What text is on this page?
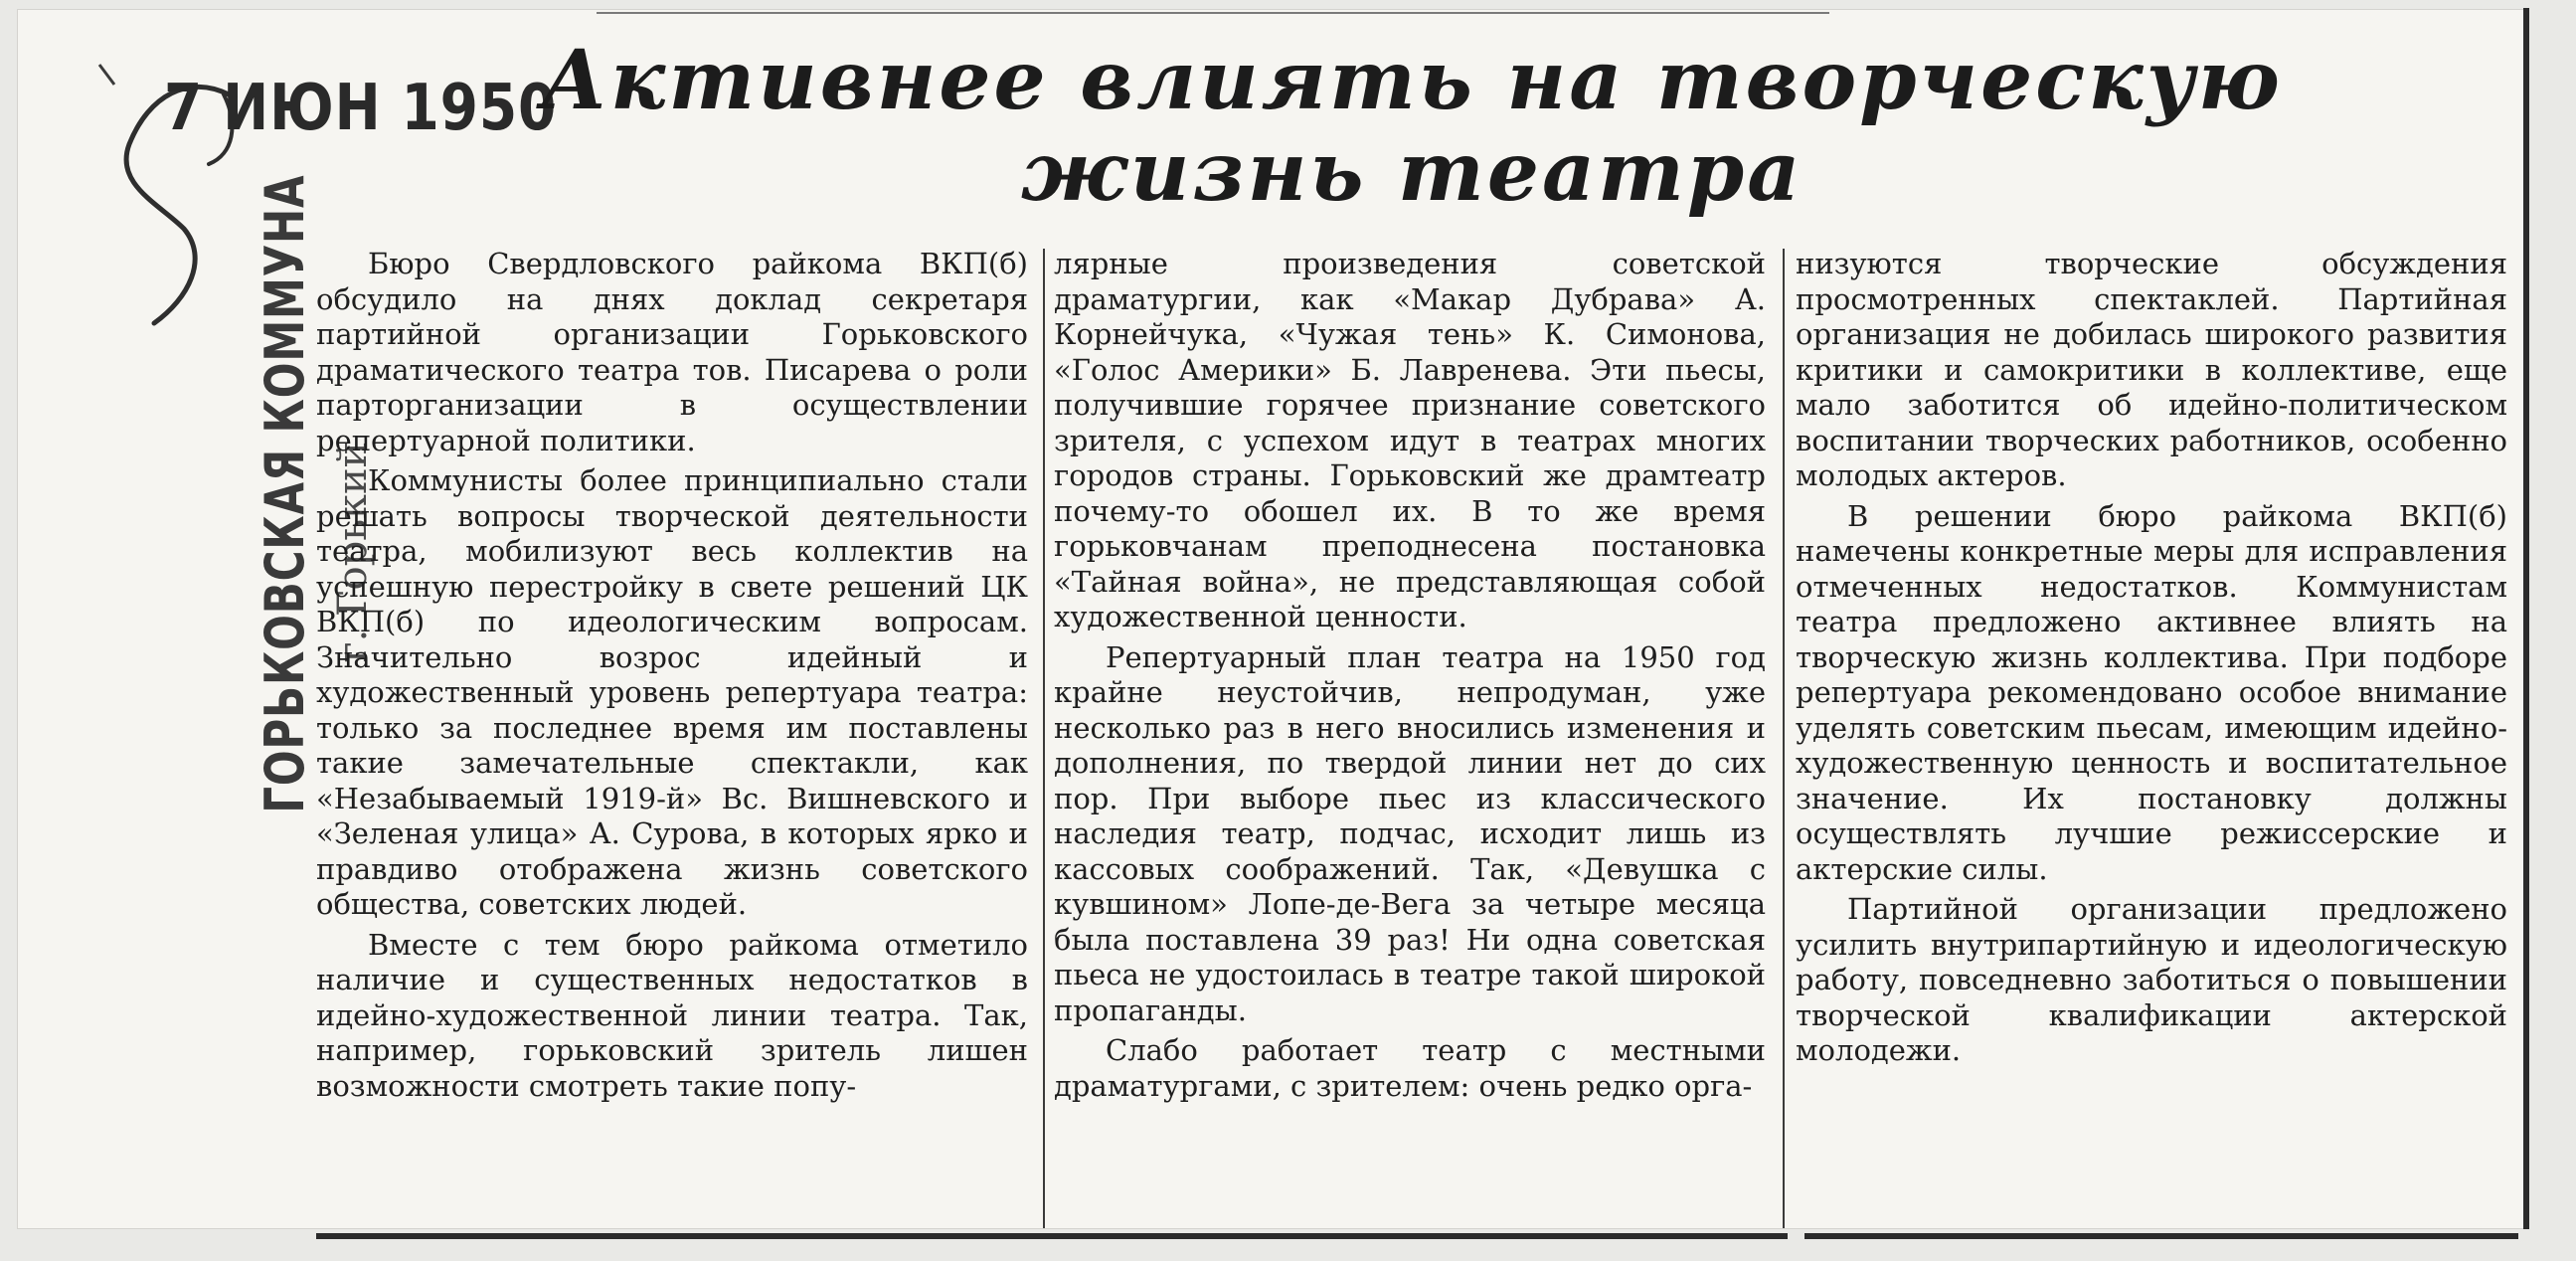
7 ИЮН 1950
ГОРЬКОВСКАЯ КОММУНА г. Горький
Активнее влиять на творческую
жизнь театра

Бюро Свердловского райкома ВКП(б) обсудило на днях доклад секретаря партийной организации Горьковского драматического театра тов. Писарева о роли парторганизации в осуществлении репертуарной политики.

Коммунисты более принципиально стали решать вопросы творческой деятельности театра, мобилизуют весь коллектив на успешную перестройку в свете решений ЦК ВКП(б) по идеологическим вопросам. Значительно возрос идейный и художественный уровень репертуара театра: только за последнее время им поставлены такие замечательные спектакли, как «Незабываемый 1919-й» Вс. Вишневского и «Зеленая улица» А. Сурова, в которых ярко и правдиво отображена жизнь советского общества, советских людей.

Вместе с тем бюро райкома отметило наличие и существенных недостатков в идейно-художественной линии театра. Так, например, горьковский зритель лишен возможности смотреть такие попу-

лярные произведения советской драматургии, как «Макар Дубрава» А. Корнейчука, «Чужая тень» К. Симонова, «Голос Америки» Б. Лавренева. Эти пьесы, получившие горячее признание советского зрителя, с успехом идут в театрах многих городов страны. Горьковский же драмтеатр почему-то обошел их. В то же время горьковчанам преподнесена постановка «Тайная война», не представляющая собой художественной ценности.

Репертуарный план театра на 1950 год крайне неустойчив, непродуман, уже несколько раз в него вносились изменения и дополнения, по твердой линии нет до сих пор. При выборе пьес из классического наследия театр, подчас, исходит лишь из кассовых соображений. Так, «Девушка с кувшином» Лопе-де-Вега за четыре месяца была поставлена 39 раз! Ни одна советская пьеса не удостоилась в театре такой широкой пропаганды.

Слабо работает театр с местными драматургами, с зрителем: очень редко орга-

низуются творческие обсуждения просмотренных спектаклей. Партийная организация не добилась широкого развития критики и самокритики в коллективе, еще мало заботится об идейно-политическом воспитании творческих работников, особенно молодых актеров.

В решении бюро райкома ВКП(б) намечены конкретные меры для исправления отмеченных недостатков. Коммунистам театра предложено активнее влиять на творческую жизнь коллектива. При подборе репертуара рекомендовано особое внимание уделять советским пьесам, имеющим идейно-художественную ценность и воспитательное значение. Их постановку должны осуществлять лучшие режиссерские и актерские силы.

Партийной организации предложено усилить внутрипартийную и идеологическую работу, повседневно заботиться о повышении творческой квалификации актерской молодежи.
